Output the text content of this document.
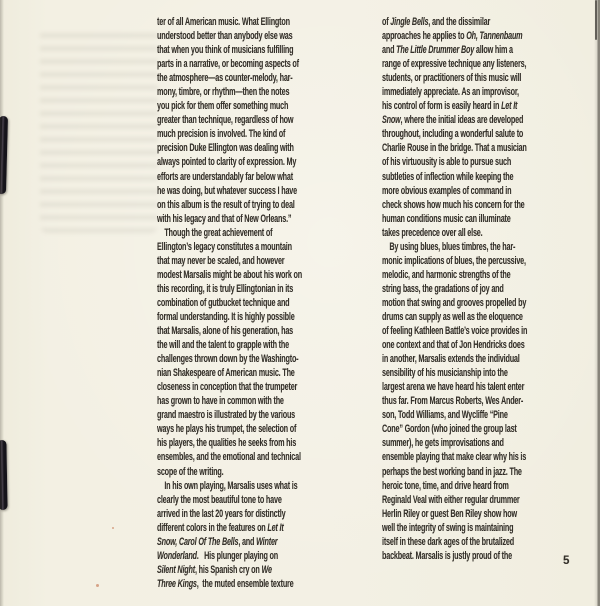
ter of all American music. What Ellington
understood better than anybody else was
that when you think of musicians fulfilling
parts in a narrative, or becoming aspects of
the atmosphere—as counter-melody, har-
mony, timbre, or rhythm—then the notes
you pick for them offer something much
greater than technique, regardless of how
much precision is involved. The kind of
precision Duke Ellington was dealing with
always pointed to clarity of expression. My
efforts are understandably far below what
he was doing, but whatever success I have
on this album is the result of trying to deal
with his legacy and that of New Orleans.”
Though the great achievement of
Ellington’s legacy constitutes a mountain
that may never be scaled, and however
modest Marsalis might be about his work on
this recording, it is truly Ellingtonian in its
combination of gutbucket technique and
formal understanding. It is highly possible
that Marsalis, alone of his generation, has
the will and the talent to grapple with the
challenges thrown down by the Washingto-
nian Shakespeare of American music. The
closeness in conception that the trumpeter
has grown to have in common with the
grand maestro is illustrated by the various
ways he plays his trumpet, the selection of
his players, the qualities he seeks from his
ensembles, and the emotional and technical
scope of the writing.
In his own playing, Marsalis uses what is
clearly the most beautiful tone to have
arrived in the last 20 years for distinctly
different colors in the features on Let It
Snow, Carol Of The Bells, and Winter
Wonderland.   His plunger playing on
Silent Night, his Spanish cry on We
Three Kings,  the muted ensemble texture
of Jingle Bells, and the dissimilar
approaches he applies to Oh, Tannenbaum
and The Little Drummer Boy allow him a
range of expressive technique any listeners,
students, or practitioners of this music will
immediately appreciate. As an improvisor,
his control of form is easily heard in Let It
Snow, where the initial ideas are developed
throughout, including a wonderful salute to
Charlie Rouse in the bridge. That a musician
of his virtuousity is able to pursue such
subtleties of inflection while keeping the
more obvious examples of command in
check shows how much his concern for the
human conditions music can illuminate
takes precedence over all else.
By using blues, blues timbres, the har-
monic implications of blues, the percussive,
melodic, and harmonic strengths of the
string bass, the gradations of joy and
motion that swing and grooves propelled by
drums can supply as well as the eloquence
of feeling Kathleen Battle’s voice provides in
one context and that of Jon Hendricks does
in another, Marsalis extends the individual
sensibility of his musicianship into the
largest arena we have heard his talent enter
thus far. From Marcus Roberts, Wes Ander-
son, Todd Williams, and Wycliffe “Pine
Cone” Gordon (who joined the group last
summer), he gets improvisations and
ensemble playing that make clear why his is
perhaps the best working band in jazz. The
heroic tone, time, and drive heard from
Reginald Veal with either regular drummer
Herlin Riley or guest Ben Riley show how
well the integrity of swing is maintaining
itself in these dark ages of the brutalized
backbeat. Marsalis is justly proud of the	5
